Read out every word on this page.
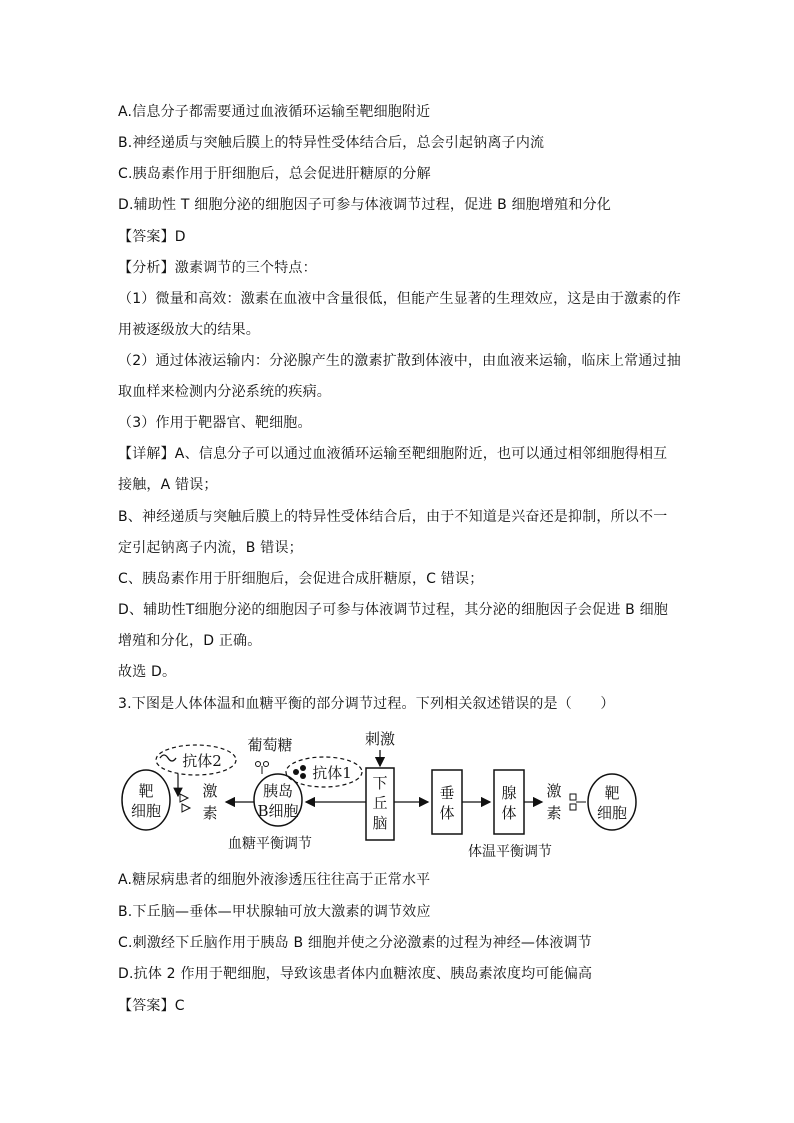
A.信息分子都需要通过血液循环运输至靶细胞附近
B.神经递质与突触后膜上的特异性受体结合后，总会引起钠离子内流
C.胰岛素作用于肝细胞后，总会促进肝糖原的分解
D.辅助性 T 细胞分泌的细胞因子可参与体液调节过程，促进 B 细胞增殖和分化
【答案】D
【分析】激素调节的三个特点：
（1）微量和高效：激素在血液中含量很低，但能产生显著的生理效应，这是由于激素的作
用被逐级放大的结果。
（2）通过体液运输内：分泌腺产生的激素扩散到体液中，由血液来运输，临床上常通过抽
取血样来检测内分泌系统的疾病。
（3）作用于靶器官、靶细胞。
【详解】A、信息分子可以通过血液循环运输至靶细胞附近，也可以通过相邻细胞得相互
接触，A 错误；
B、神经递质与突触后膜上的特异性受体结合后，由于不知道是兴奋还是抑制，所以不一
定引起钠离子内流，B 错误；
C、胰岛素作用于肝细胞后，会促进合成肝糖原，C 错误；
D、辅助性T细胞分泌的细胞因子可参与体液调节过程，其分泌的细胞因子会促进 B 细胞
增殖和分化，D 正确。
故选 D。
3.下图是人体体温和血糖平衡的部分调节过程。下列相关叙述错误的是（　　）
靶
细胞
抗体2
激
素
葡萄糖
胰岛
B细胞
抗体1
刺激
下
丘
脑
垂
体
腺
体
激
素
靶
细胞
血糖平衡调节	体温平衡调节
A.糖尿病患者的细胞外液渗透压往往高于正常水平
B.下丘脑—垂体—甲状腺轴可放大激素的调节效应
C.刺激经下丘脑作用于胰岛 B 细胞并使之分泌激素的过程为神经—体液调节
D.抗体 2 作用于靶细胞，导致该患者体内血糖浓度、胰岛素浓度均可能偏高
【答案】C
